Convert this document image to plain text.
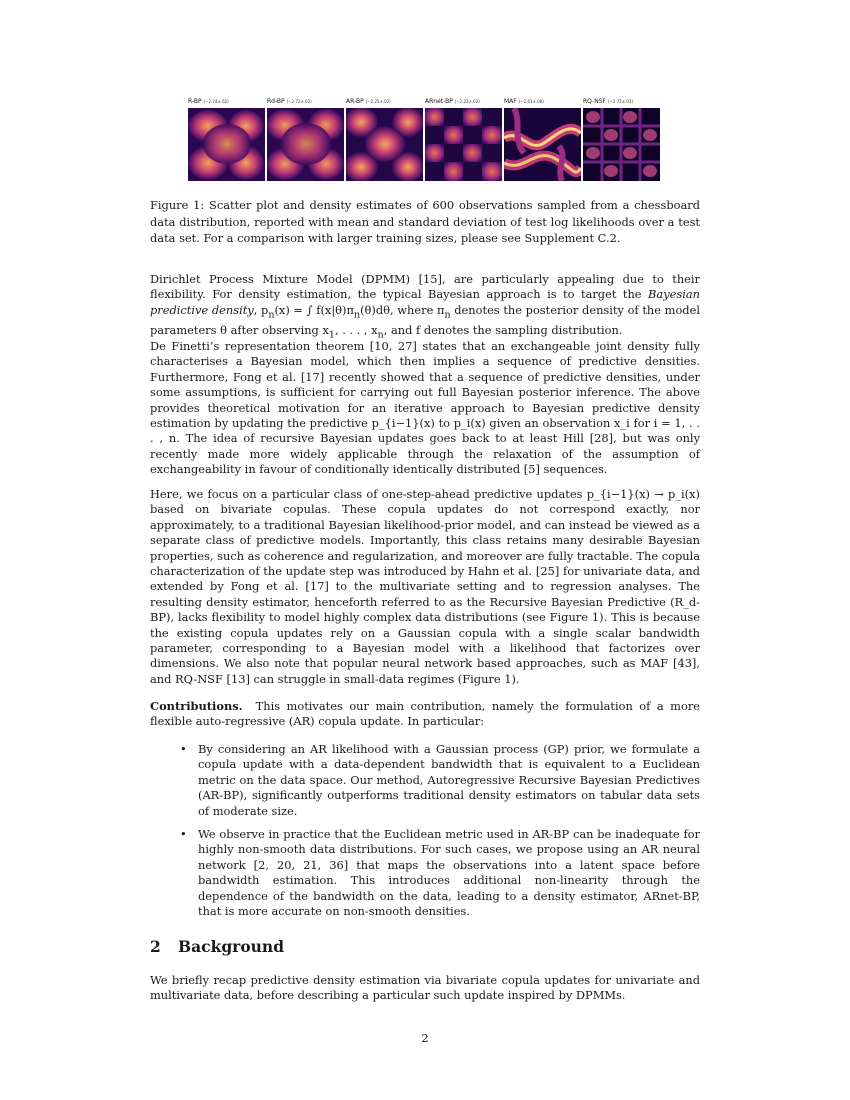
R-BP (−2.74±.02)	Rd-BP (−2.72±.02)	AR-BP (−2.25±.02)	ARnet-BP (−2.22±.02)	MAF (−2.41±.08)	RQ-NSF (−2.72±.03)
Figure 1: Scatter plot and density estimates of 600 observations sampled from a chessboard data distribution, reported with mean and standard deviation of test log likelihoods over a test data set. For a comparison with larger training sizes, please see Supplement C.2.

Dirichlet Process Mixture Model (DPMM) [15], are particularly appealing due to their flexibility. For density estimation, the typical Bayesian approach is to target the Bayesian predictive density, $p_n(x)$ = ∫ $f(x|\theta)\pi_n(\theta)d\theta$, where $\pi_n$ denotes the posterior density of the model parameters θ after observing $x_1$, . . . , $x_n$, and f denotes the sampling distribution.

De Finetti’s representation theorem [10, 27] states that an exchangeable joint density fully characterises a Bayesian model, which then implies a sequence of predictive densities. Furthermore, Fong et al. [17] recently showed that a sequence of predictive densities, under some assumptions, is sufficient for carrying out full Bayesian posterior inference. The above provides theoretical motivation for an iterative approach to Bayesian predictive density estimation by updating the predictive p_{i−1}(x) to p_i(x) given an observation x_i for i = 1, . . . , n. The idea of recursive Bayesian updates goes back to at least Hill [28], but was only recently made more widely applicable through the relaxation of the assumption of exchangeability in favour of conditionally identically distributed [5] sequences.

Here, we focus on a particular class of one-step-ahead predictive updates p_{i−1}(x) → p_i(x) based on bivariate copulas. These copula updates do not correspond exactly, nor approximately, to a traditional Bayesian likelihood-prior model, and can instead be viewed as a separate class of predictive models. Importantly, this class retains many desirable Bayesian properties, such as coherence and regularization, and moreover are fully tractable. The copula characterization of the update step was introduced by Hahn et al. [25] for univariate data, and extended by Fong et al. [17] to the multivariate setting and to regression analyses. The resulting density estimator, henceforth referred to as the Recursive Bayesian Predictive (R_d-BP), lacks flexibility to model highly complex data distributions (see Figure 1). This is because the existing copula updates rely on a Gaussian copula with a single scalar bandwidth parameter, corresponding to a Bayesian model with a likelihood that factorizes over dimensions. We also note that popular neural network based approaches, such as MAF [43], and RQ-NSF [13] can struggle in small-data regimes (Figure 1).

Contributions. This motivates our main contribution, namely the formulation of a more flexible auto-regressive (AR) copula update. In particular:

• By considering an AR likelihood with a Gaussian process (GP) prior, we formulate a copula update with a data-dependent bandwidth that is equivalent to a Euclidean metric on the data space. Our method, Autoregressive Recursive Bayesian Predictives (AR-BP), significantly outperforms traditional density estimators on tabular data sets of moderate size.
• We observe in practice that the Euclidean metric used in AR-BP can be inadequate for highly non-smooth data distributions. For such cases, we propose using an AR neural network [2, 20, 21, 36] that maps the observations into a latent space before bandwidth estimation. This introduces additional non-linearity through the dependence of the bandwidth on the data, leading to a density estimator, ARnet-BP, that is more accurate on non-smooth densities.
2 Background

We briefly recap predictive density estimation via bivariate copula updates for univariate and multivariate data, before describing a particular such update inspired by DPMMs.

2
